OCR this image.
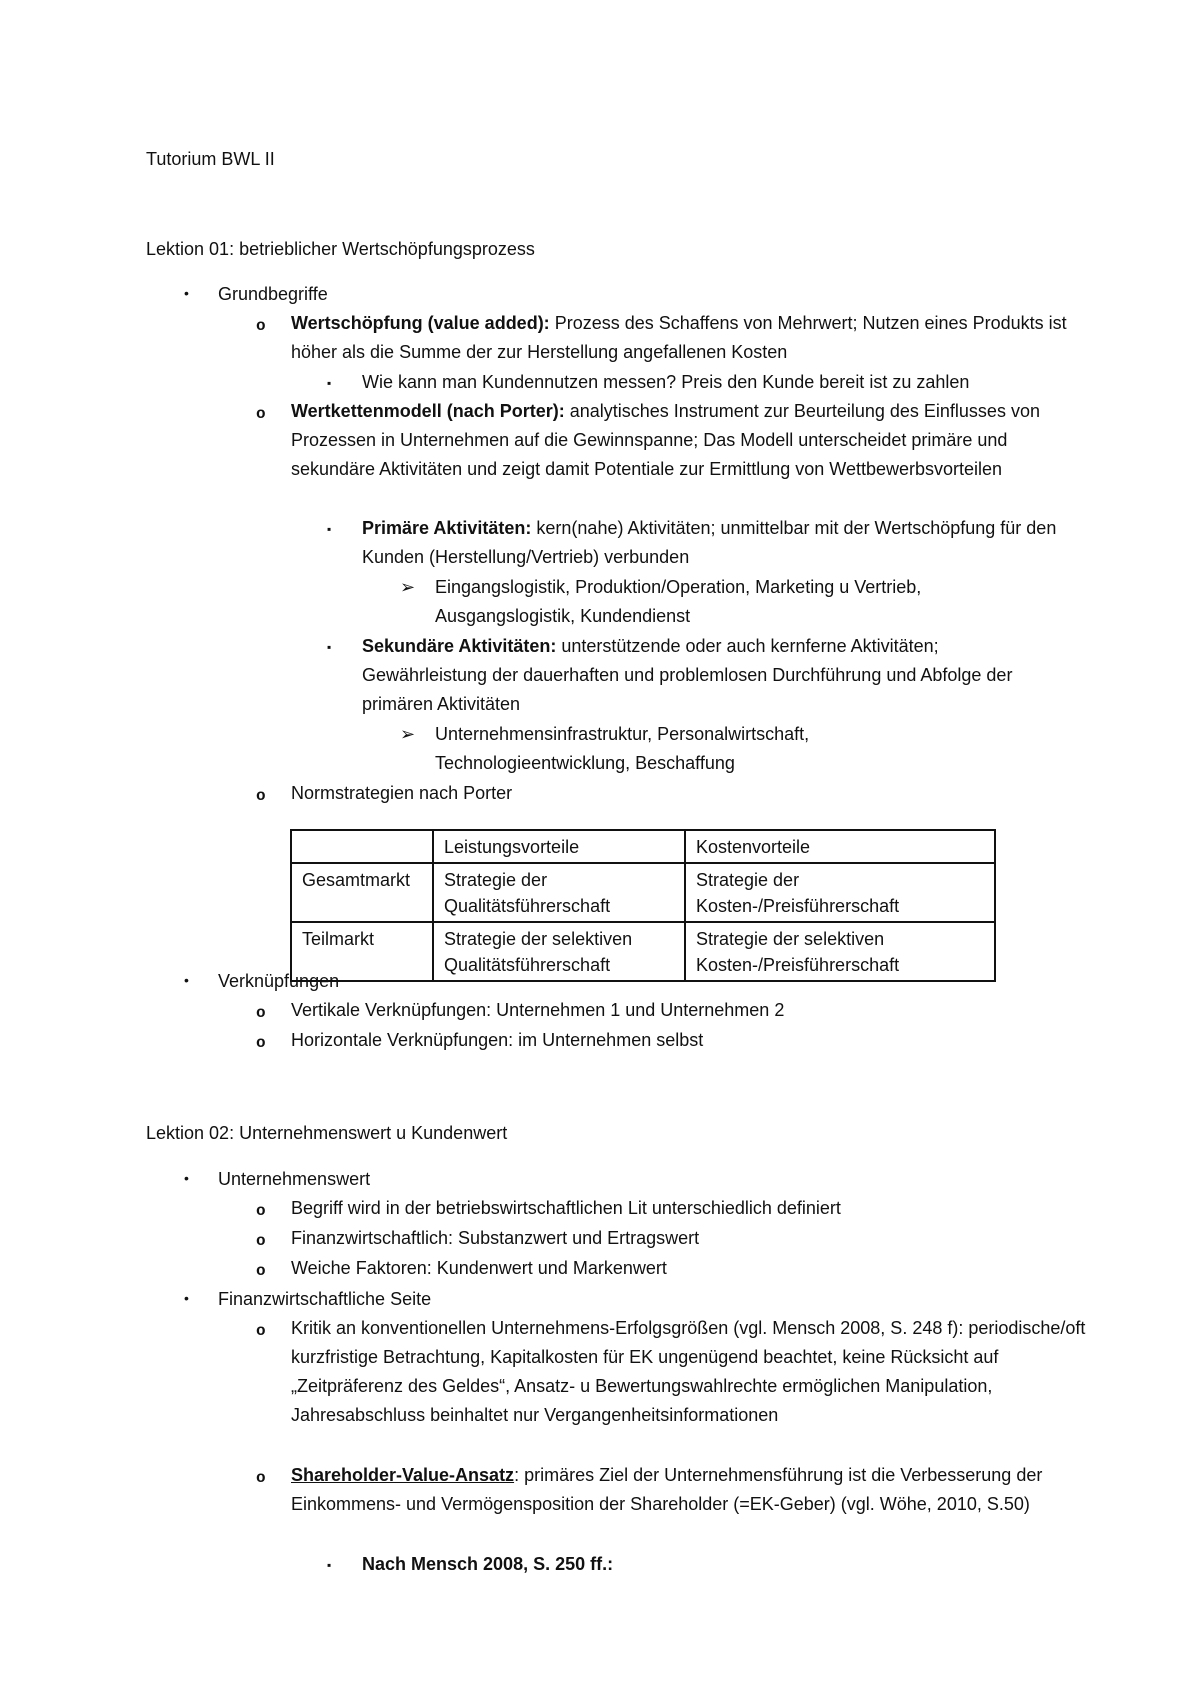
Tutorium BWL II
Lektion 01: betrieblicher Wertschöpfungsprozess
• Grundbegriffe
o Wertschöpfung (value added): Prozess des Schaffens von Mehrwert; Nutzen eines Produkts ist höher als die Summe der zur Herstellung angefallenen Kosten
▪ Wie kann man Kundennutzen messen? Preis den Kunde bereit ist zu zahlen
o Wertkettenmodell (nach Porter): analytisches Instrument zur Beurteilung des Einflusses von Prozessen in Unternehmen auf die Gewinnspanne; Das Modell unterscheidet primäre und sekundäre Aktivitäten und zeigt damit Potentiale zur Ermittlung von Wettbewerbsvorteilen
▪ Primäre Aktivitäten: kern(nahe) Aktivitäten; unmittelbar mit der Wertschöpfung für den Kunden (Herstellung/Vertrieb) verbunden
➢ Eingangslogistik, Produktion/Operation, Marketing u Vertrieb, Ausgangslogistik, Kundendienst
▪ Sekundäre Aktivitäten: unterstützende oder auch kernferne Aktivitäten; Gewährleistung der dauerhaften und problemlosen Durchführung und Abfolge der primären Aktivitäten
➢ Unternehmensinfrastruktur, Personalwirtschaft, Technologieentwicklung, Beschaffung
o Normstrategien nach Porter
	Leistungsvorteile	Kostenvorteile
Gesamtmarkt	Strategie der Qualitätsführerschaft	Strategie der Kosten-/Preisführerschaft
Teilmarkt	Strategie der selektiven Qualitätsführerschaft	Strategie der selektiven Kosten-/Preisführerschaft
• Verknüpfungen
o Vertikale Verknüpfungen: Unternehmen 1 und Unternehmen 2
o Horizontale Verknüpfungen: im Unternehmen selbst
Lektion 02: Unternehmenswert u Kundenwert
• Unternehmenswert
o Begriff wird in der betriebswirtschaftlichen Lit unterschiedlich definiert
o Finanzwirtschaftlich: Substanzwert und Ertragswert
o Weiche Faktoren: Kundenwert und Markenwert
• Finanzwirtschaftliche Seite
o Kritik an konventionellen Unternehmens-Erfolgsgrößen (vgl. Mensch 2008, S. 248 f): periodische/oft kurzfristige Betrachtung, Kapitalkosten für EK ungenügend beachtet, keine Rücksicht auf „Zeitpräferenz des Geldes“, Ansatz- u Bewertungswahlrechte ermöglichen Manipulation, Jahresabschluss beinhaltet nur Vergangenheitsinformationen
o Shareholder-Value-Ansatz: primäres Ziel der Unternehmensführung ist die Verbesserung der Einkommens- und Vermögensposition der Shareholder (=EK-Geber) (vgl. Wöhe, 2010, S.50)
▪ Nach Mensch 2008, S. 250 ff.:
